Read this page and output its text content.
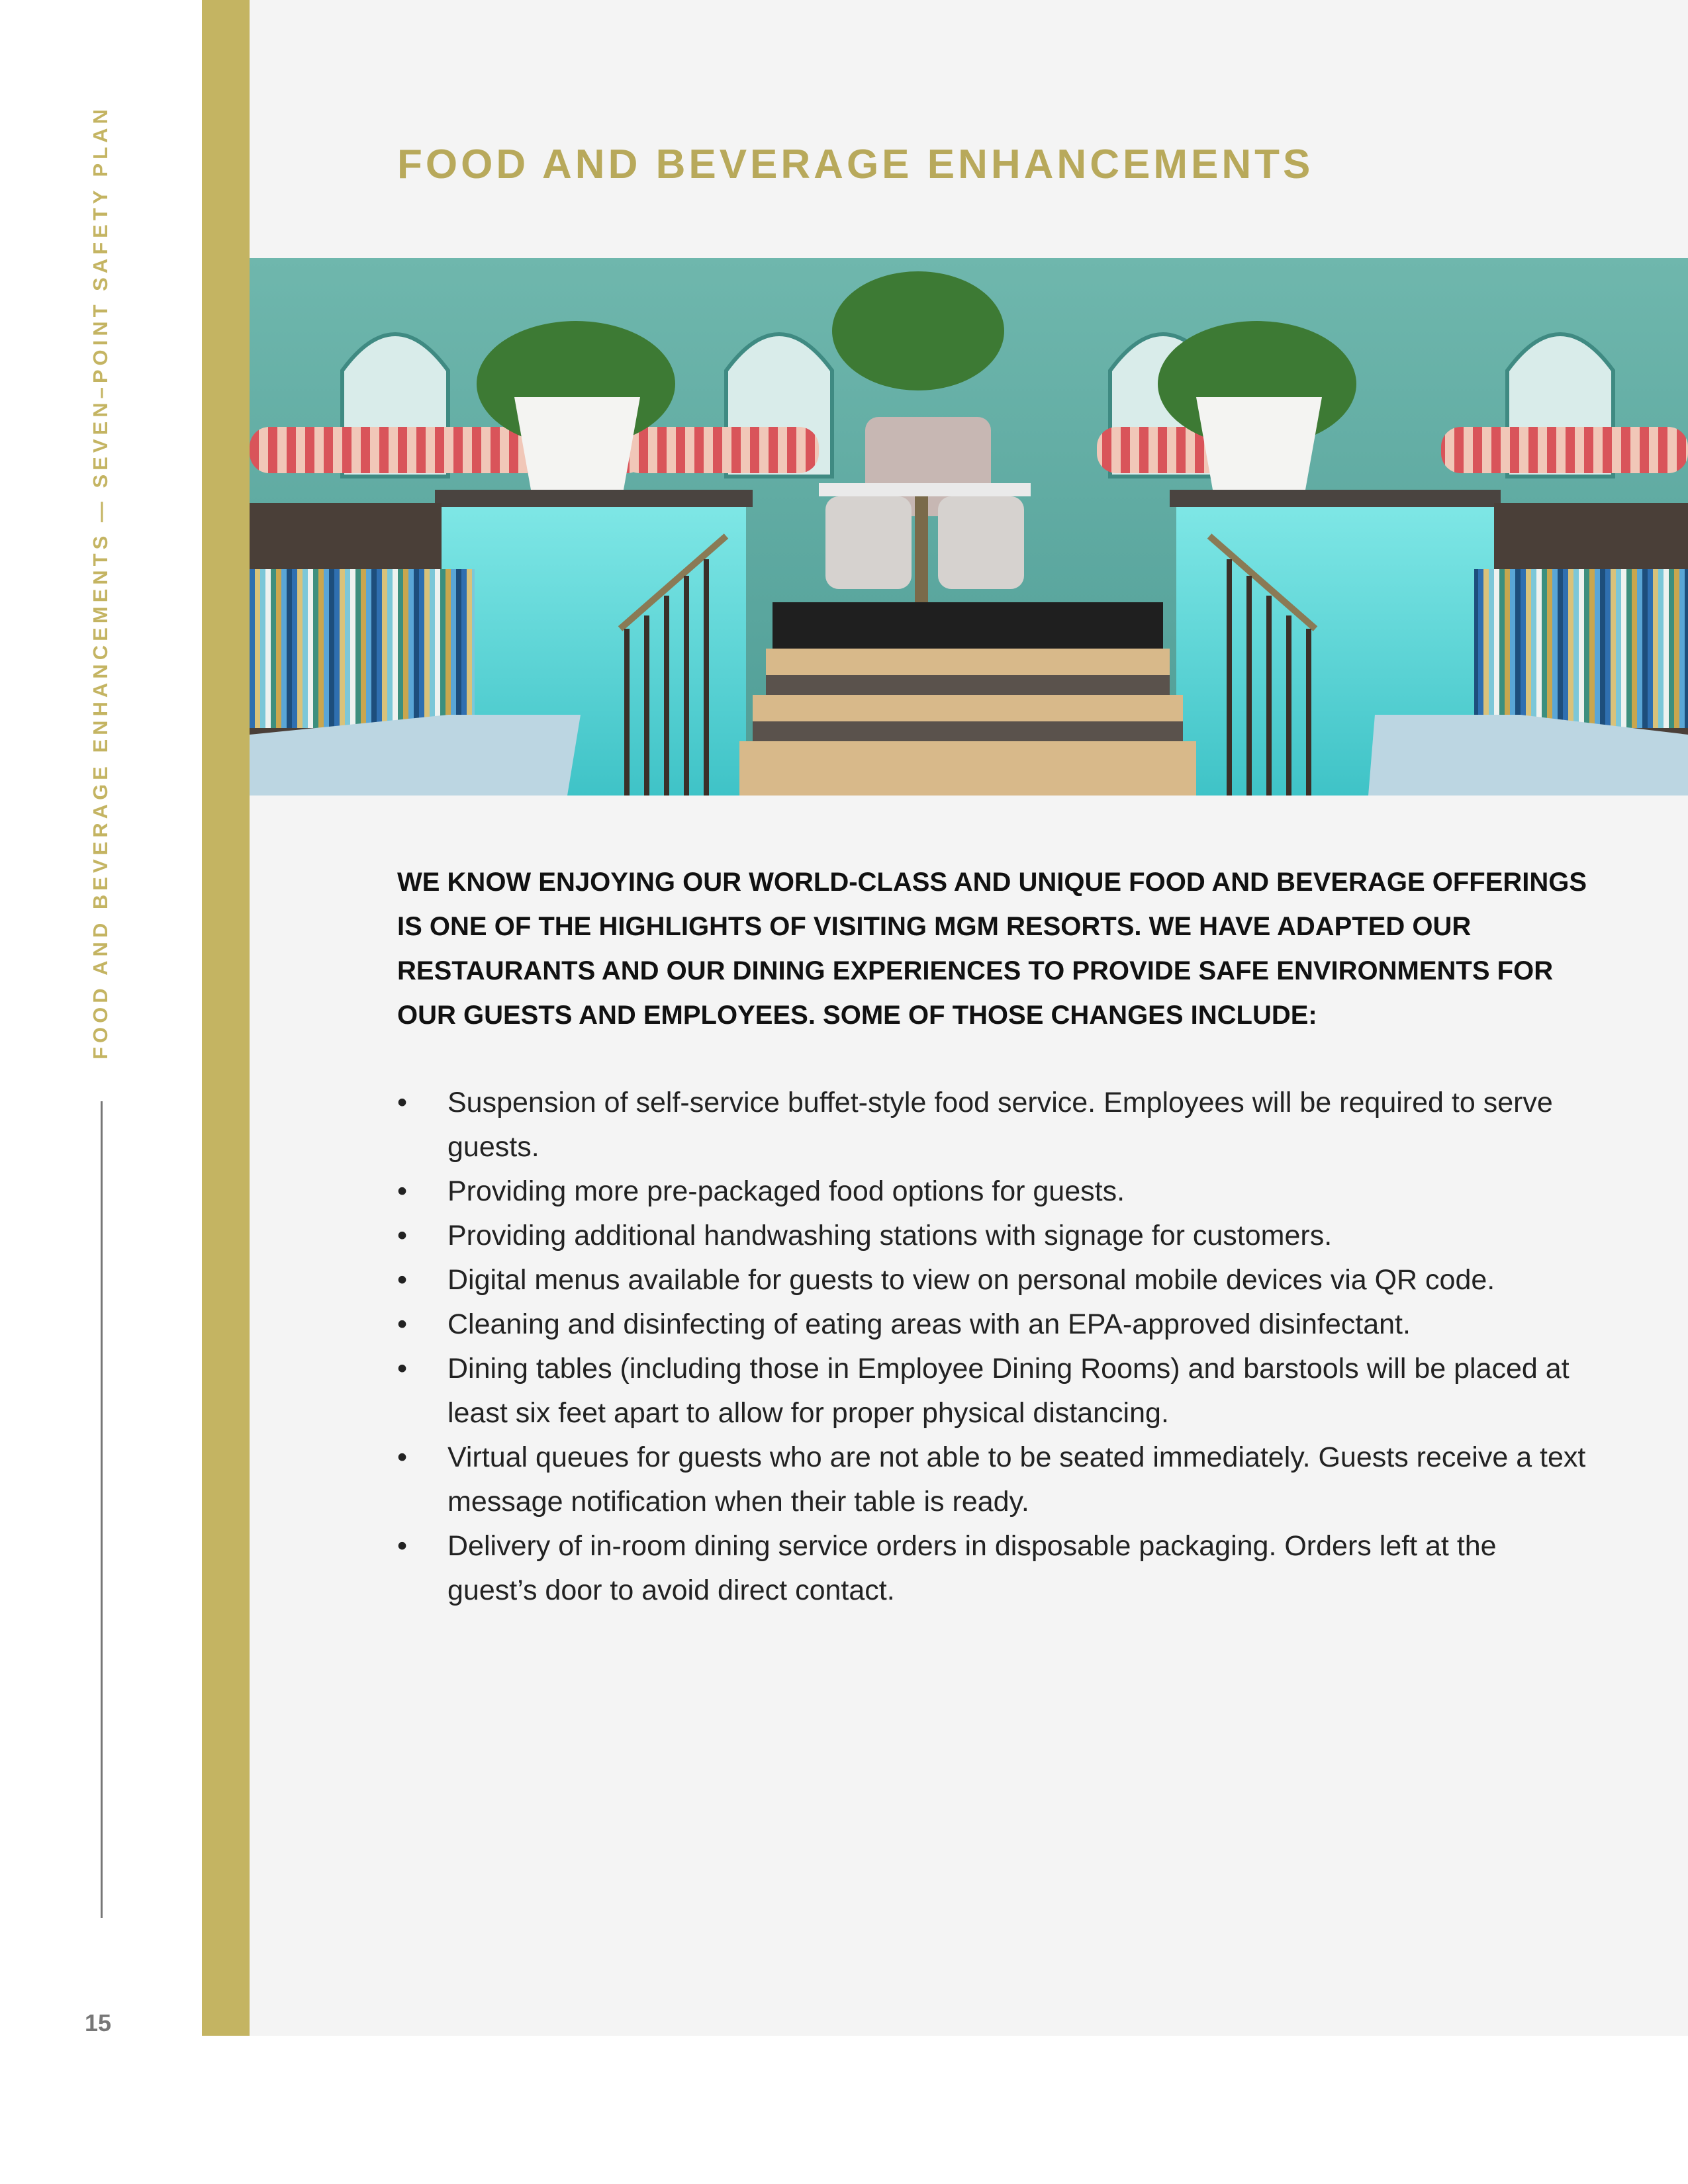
FOOD AND BEVERAGE ENHANCEMENTS — SEVEN–POINT SAFETY PLAN
15
FOOD AND BEVERAGE ENHANCEMENTS

WE KNOW ENJOYING OUR WORLD-CLASS AND UNIQUE FOOD AND BEVERAGE OFFERINGS IS ONE OF THE HIGHLIGHTS OF VISITING MGM RESORTS. WE HAVE ADAPTED OUR RESTAURANTS AND OUR DINING EXPERIENCES TO PROVIDE SAFE ENVIRONMENTS FOR OUR GUESTS AND EMPLOYEES. SOME OF THOSE CHANGES INCLUDE:

• Suspension of self-service buffet-style food service. Employees will be required to serve guests.
• Providing more pre-packaged food options for guests.
• Providing additional handwashing stations with signage for customers.
• Digital menus available for guests to view on personal mobile devices via QR code.
• Cleaning and disinfecting of eating areas with an EPA-approved disinfectant.
• Dining tables (including those in Employee Dining Rooms) and barstools will be placed at least six feet apart to allow for proper physical distancing.
• Virtual queues for guests who are not able to be seated immediately. Guests receive a text message notification when their table is ready.
• Delivery of in-room dining service orders in disposable packaging. Orders left at the guest’s door to avoid direct contact.
